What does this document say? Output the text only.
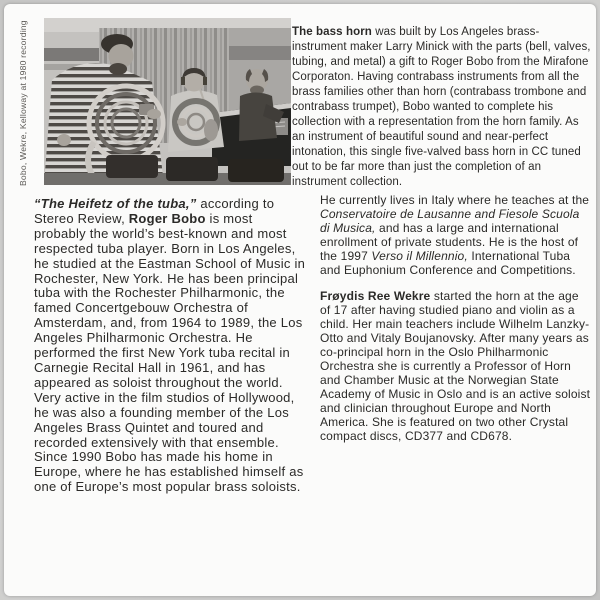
Bobo, Wekre, Kelloway at 1980 recording	The bass horn was built by Los Angeles brass-instrument maker Larry Minick with the parts (bell, valves, tubing, and metal) a gift to Roger Bobo from the Mirafone Corporaton. Having contrabass instruments from all the brass families other than horn (contrabass trombone and contrabass trumpet), Bobo wanted to complete his collection with a representation from the horn family. As an instrument of beautiful sound and near-perfect intonation, this single five-valved bass horn in CC tuned out to be far more than just the completion of an instrument collection.
“The Heifetz of the tuba,” according to Stereo Review, Roger Bobo is most probably the world’s best-known and most respected tuba player. Born in Los Angeles, he studied at the Eastman School of Music in Rochester, New York. He has been principal tuba with the Rochester Philharmonic, the famed Concertgebouw Orchestra of Amsterdam, and, from 1964 to 1989, the Los Angeles Philharmonic Orchestra. He performed the first New York tuba recital in Carnegie Recital Hall in 1961, and has appeared as soloist throughout the world. Very active in the film studios of Hollywood, he was also a founding member of the Los Angeles Brass Quintet and toured and recorded extensively with that ensemble. Since 1990 Bobo has made his home in Europe, where he has established himself as one of Europe’s most popular brass soloists.

He currently lives in Italy where he teaches at the Conservatoire de Lausanne and Fiesole Scuola di Musica, and has a large and international enrollment of private students. He is the host of the 1997 Verso il Millennio, International Tuba and Euphonium Conference and Competitions.

Frøydis Ree Wekre started the horn at the age of 17 after having studied piano and violin as a child. Her main teachers include Wilhelm Lanzky-Otto and Vitaly Boujanovsky. After many years as co-principal horn in the Oslo Philharmonic Orchestra she is currently a Professor of Horn and Chamber Music at the Norwegian State Academy of Music in Oslo and is an active soloist and clinician throughout Europe and North America. She is featured on two other Crystal compact discs, CD377 and CD678.
